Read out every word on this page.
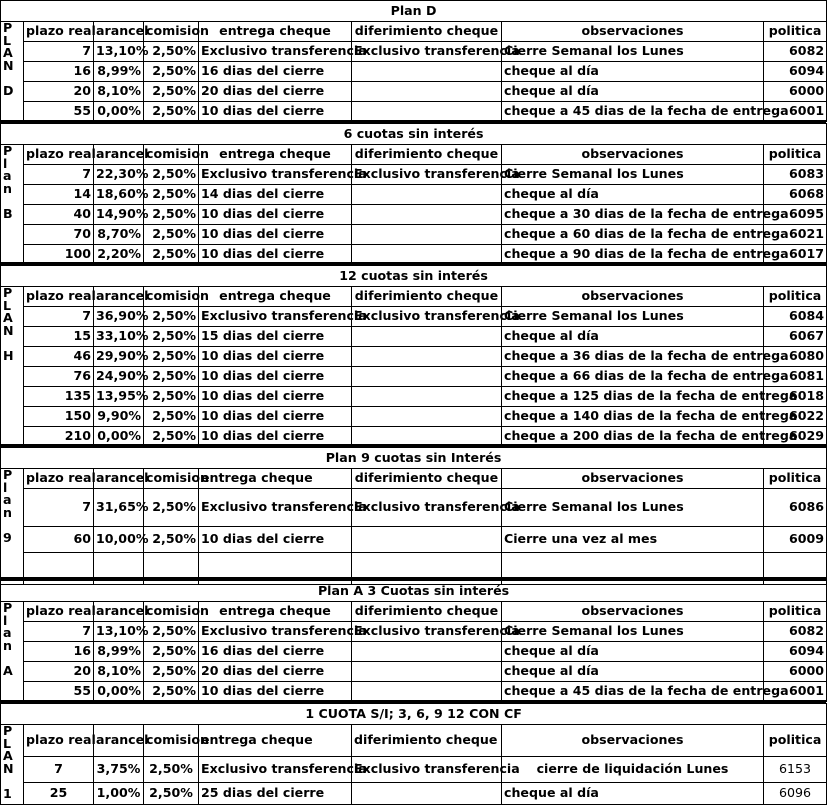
Plan D							

P
L
A
N

D	plazo real	arancel	comision	entrega cheque	diferimiento cheque	observaciones	politica
	7	13,10%	2,50%	Exclusivo transferencia	Exclusivo transferencia	Cierre Semanal los Lunes	6082
	16	8,99%	2,50%	16 dias del cierre		cheque al día	6094
	20	8,10%	2,50%	20 dias del cierre		cheque al día	6000
	55	0,00%	2,50%	10 dias del cierre		cheque a 45 dias de la fecha de entrega	6001
6 cuotas sin interés							

P
l
a
n

B	plazo real	arancel	comision	entrega cheque	diferimiento cheque	observaciones	politica
	7	22,30%	2,50%	Exclusivo transferencia	Exclusivo transferencia	Cierre Semanal los Lunes	6083
	14	18,60%	2,50%	14 dias del cierre		cheque al día	6068
	40	14,90%	2,50%	10 dias del cierre		cheque a 30 dias de la fecha de entrega	6095
	70	8,70%	2,50%	10 dias del cierre		cheque a 60 dias de la fecha de entrega	6021
	100	2,20%	2,50%	10 dias del cierre		cheque a 90 dias de la fecha de entrega	6017
12 cuotas sin interés							

P
L
A
N

H	plazo real	arancel	comision	entrega cheque	diferimiento cheque	observaciones	politica
	7	36,90%	2,50%	Exclusivo transferencia	Exclusivo transferencia	Cierre Semanal los Lunes	6084
	15	33,10%	2,50%	15 dias del cierre		cheque al día	6067
	46	29,90%	2,50%	10 dias del cierre		cheque a 36 dias de la fecha de entrega	6080
	76	24,90%	2,50%	10 dias del cierre		cheque a 66 dias de la fecha de entrega	6081
	135	13,95%	2,50%	10 dias del cierre		cheque a 125 dias de la fecha de entrega	6018
	150	9,90%	2,50%	10 dias del cierre		cheque a 140 dias de la fecha de entrega	6022
	210	0,00%	2,50%	10 dias del cierre		cheque a 200 dias de la fecha de entrega	6029
Plan 9 cuotas sin Interés							

P
l
a
n

9	plazo real	arancel	comision	entrega cheque	diferimiento cheque	observaciones	politica
	7	31,65%	2,50%	Exclusivo transferencia	Exclusivo transferencia	Cierre Semanal los Lunes	6086
	60	10,00%	2,50%	10 dias del cierre		Cierre una vez al mes	6009

Plan A 3 Cuotas sin interés							

P
l
a
n

A	plazo real	arancel	comision	entrega cheque	diferimiento cheque	observaciones	politica
	7	13,10%	2,50%	Exclusivo transferencia	Exclusivo transferencia	Cierre Semanal los Lunes	6082
	16	8,99%	2,50%	16 dias del cierre		cheque al día	6094
	20	8,10%	2,50%	20 dias del cierre		cheque al día	6000
	55	0,00%	2,50%	10 dias del cierre		cheque a 45 dias de la fecha de entrega	6001
1 CUOTA S/I; 3, 6, 9 12 CON CF							

P
L
A
N

1	plazo real	arancel	comision	entrega cheque	diferimiento cheque	observaciones	politica
	7	3,75%	2,50%	Exclusivo transferencia	Exclusivo transferencia	cierre de liquidación Lunes	6153
	25	1,00%	2,50%	25 dias del cierre		cheque al día	6096
